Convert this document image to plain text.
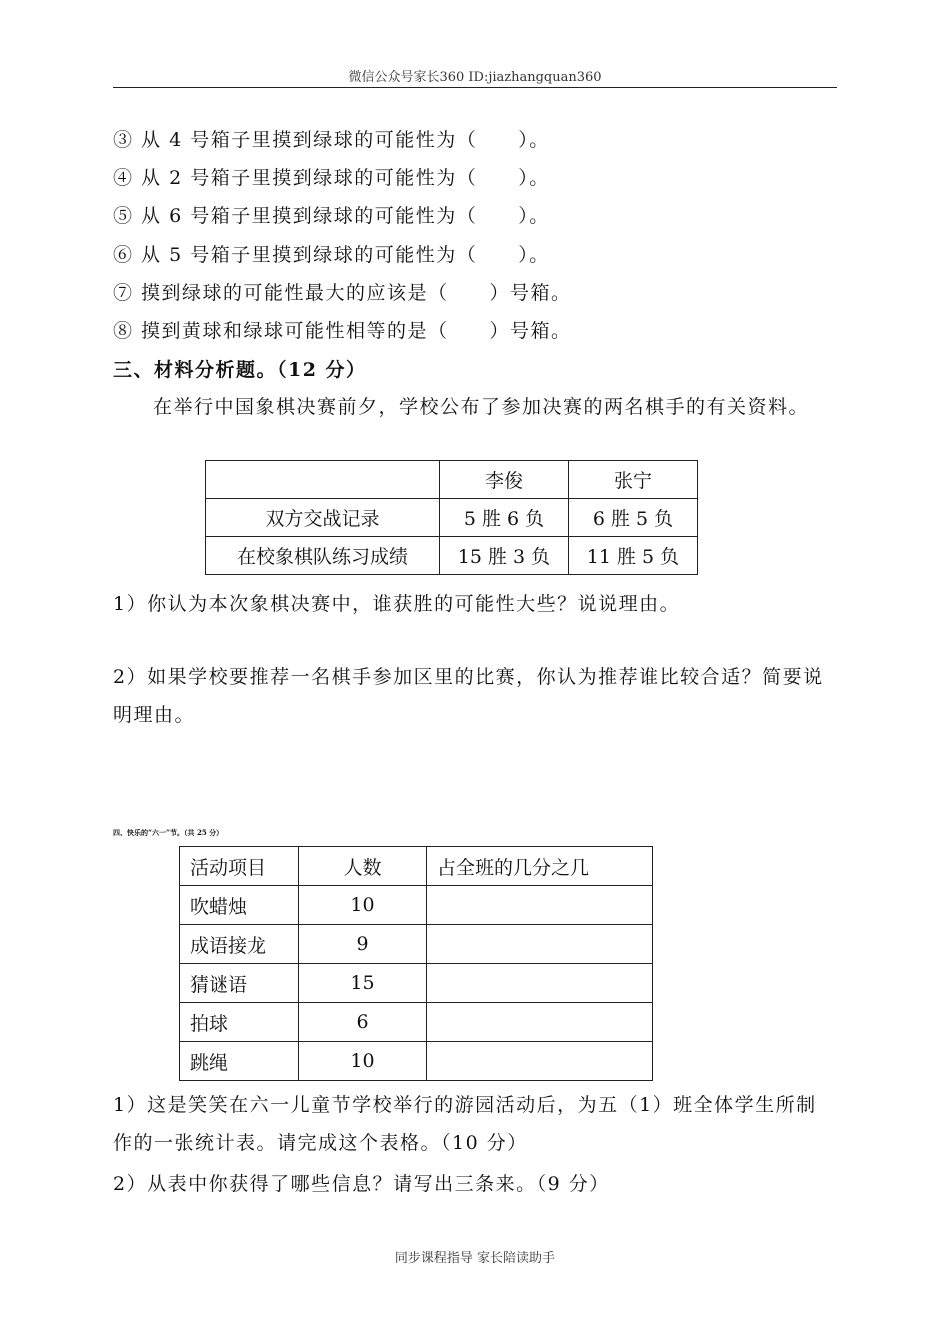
微信公众号家长360 ID:jiazhangquan360
③ 从 4 号箱子里摸到绿球的可能性为（　　）。
④ 从 2 号箱子里摸到绿球的可能性为（　　）。
⑤ 从 6 号箱子里摸到绿球的可能性为（　　）。
⑥ 从 5 号箱子里摸到绿球的可能性为（　　）。
⑦ 摸到绿球的可能性最大的应该是（　　）号箱。
⑧ 摸到黄球和绿球可能性相等的是（　　）号箱。
三、材料分析题。（12 分）
在举行中国象棋决赛前夕，学校公布了参加决赛的两名棋手的有关资料。
	李俊	张宁
双方交战记录	5 胜 6 负	6 胜 5 负
在校象棋队练习成绩	15 胜 3 负	11 胜 5 负
1）你认为本次象棋决赛中，谁获胜的可能性大些？说说理由。
2）如果学校要推荐一名棋手参加区里的比赛，你认为推荐谁比较合适？简要说明理由。
四、快乐的“六一”节。（共 25 分）
活动项目	人数	占全班的几分之几
吹蜡烛	10	
成语接龙	9	
猜谜语	15	
拍球	6	
跳绳	10	
1）这是笑笑在六一儿童节学校举行的游园活动后，为五（1）班全体学生所制作的一张统计表。请完成这个表格。（10 分）
2）从表中你获得了哪些信息？请写出三条来。（9 分）
同步课程指导 家长陪读助手
